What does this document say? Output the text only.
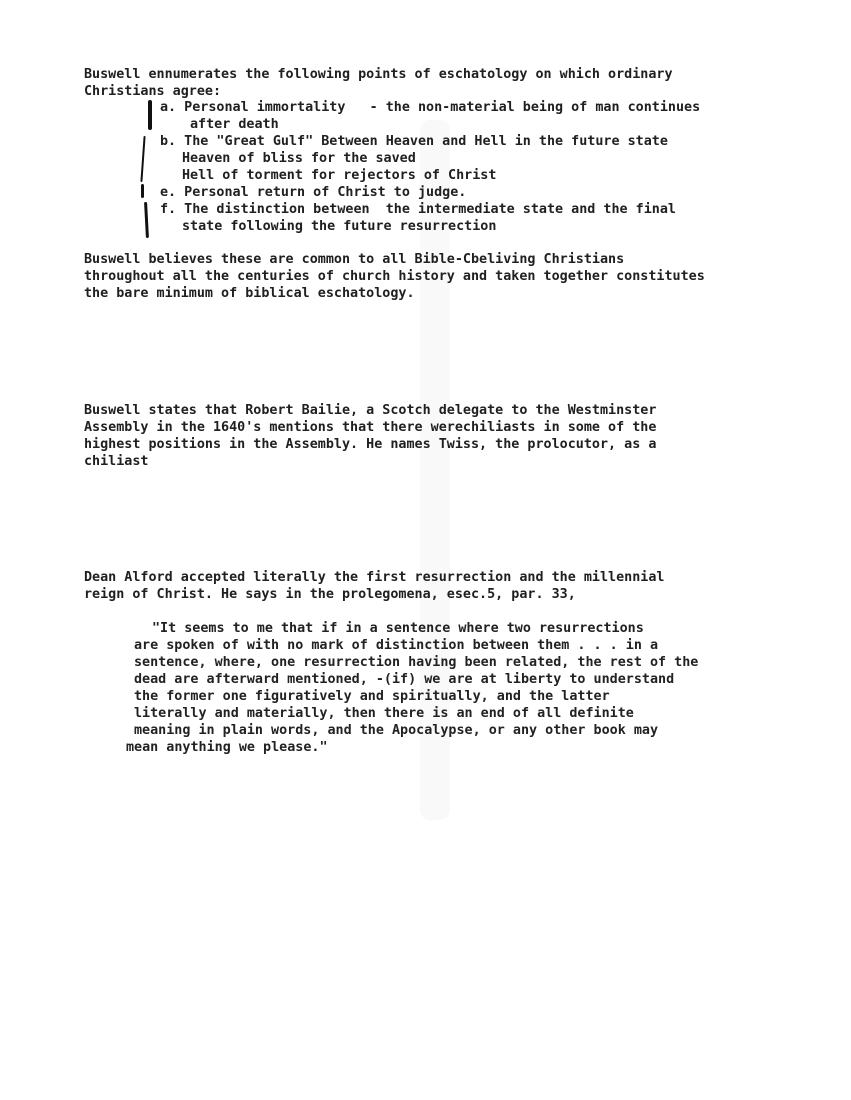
Buswell ennumerates the following points of eschatology on which ordinary
Christians agree:
a. Personal immortality   - the non-material being of man continues
after death
b. The "Great Gulf" Between Heaven and Hell in the future state
Heaven of bliss for the saved
Hell of torment for rejectors of Christ
e. Personal return of Christ to judge.
f. The distinction between  the intermediate state and the final
state following the future resurrection
Buswell believes these are common to all Bible-Cbeliving Christians
throughout all the centuries of church history and taken together constitutes
the bare minimum of biblical eschatology.
Buswell states that Robert Bailie, a Scotch delegate to the Westminster
Assembly in the 1640's mentions that there werechiliasts in some of the
highest positions in the Assembly. He names Twiss, the prolocutor, as a
chiliast
Dean Alford accepted literally the first resurrection and the millennial
reign of Christ. He says in the prolegomena, esec.5, par. 33,
"It seems to me that if in a sentence where two resurrections
are spoken of with no mark of distinction between them . . . in a
sentence, where, one resurrection having been related, the rest of the
dead are afterward mentioned, -(if) we are at liberty to understand
the former one figuratively and spiritually, and the latter
literally and materially, then there is an end of all definite
meaning in plain words, and the Apocalypse, or any other book may
mean anything we please."
